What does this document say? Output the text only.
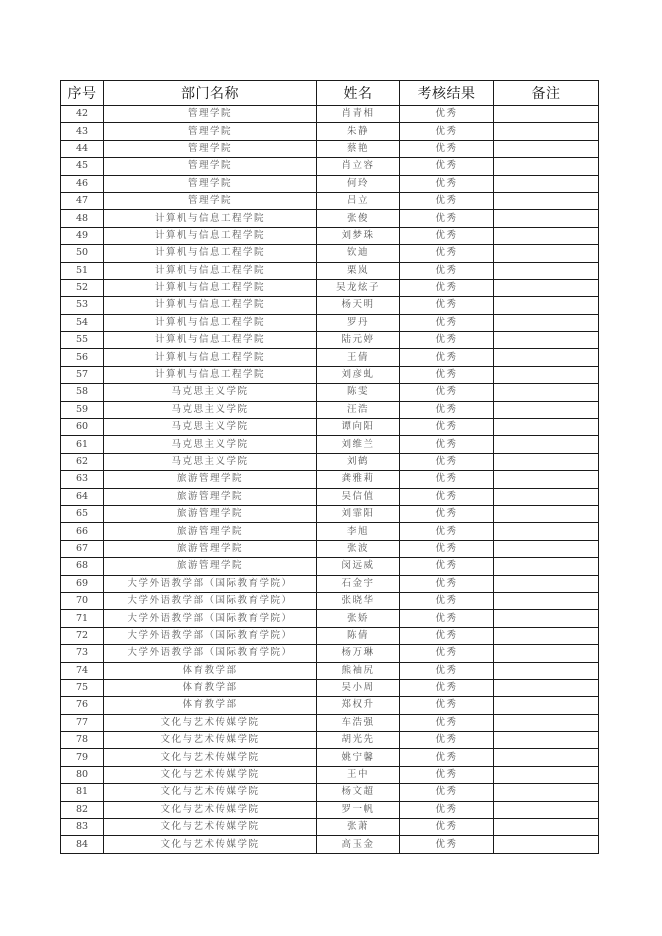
序号	部门名称	姓名	考核结果	备注
42	管理学院	肖青相	优秀	
43	管理学院	朱静	优秀	
44	管理学院	蔡艳	优秀	
45	管理学院	肖立容	优秀	
46	管理学院	何玲	优秀	
47	管理学院	吕立	优秀	
48	计算机与信息工程学院	张俊	优秀	
49	计算机与信息工程学院	刘梦珠	优秀	
50	计算机与信息工程学院	钦迪	优秀	
51	计算机与信息工程学院	栗岚	优秀	
52	计算机与信息工程学院	吴龙炫子	优秀	
53	计算机与信息工程学院	杨天明	优秀	
54	计算机与信息工程学院	罗丹	优秀	
55	计算机与信息工程学院	陆元婷	优秀	
56	计算机与信息工程学院	王倩	优秀	
57	计算机与信息工程学院	刘彦虬	优秀	
58	马克思主义学院	陈雯	优秀	
59	马克思主义学院	汪浩	优秀	
60	马克思主义学院	谭向阳	优秀	
61	马克思主义学院	刘维兰	优秀	
62	马克思主义学院	刘鹤	优秀	
63	旅游管理学院	龚雅莉	优秀	
64	旅游管理学院	吴信值	优秀	
65	旅游管理学院	刘霏阳	优秀	
66	旅游管理学院	李旭	优秀	
67	旅游管理学院	张波	优秀	
68	旅游管理学院	闵远威	优秀	
69	大学外语教学部（国际教育学院）	石金宇	优秀	
70	大学外语教学部（国际教育学院）	张晓华	优秀	
71	大学外语教学部（国际教育学院）	张娇	优秀	
72	大学外语教学部（国际教育学院）	陈倩	优秀	
73	大学外语教学部（国际教育学院）	杨万琳	优秀	
74	体育教学部	熊袖尻	优秀	
75	体育教学部	吴小周	优秀	
76	体育教学部	郑权升	优秀	
77	文化与艺术传媒学院	车浩强	优秀	
78	文化与艺术传媒学院	胡光先	优秀	
79	文化与艺术传媒学院	姚宁馨	优秀	
80	文化与艺术传媒学院	王中	优秀	
81	文化与艺术传媒学院	杨文超	优秀	
82	文化与艺术传媒学院	罗一帆	优秀	
83	文化与艺术传媒学院	张萧	优秀	
84	文化与艺术传媒学院	高玉金	优秀	
